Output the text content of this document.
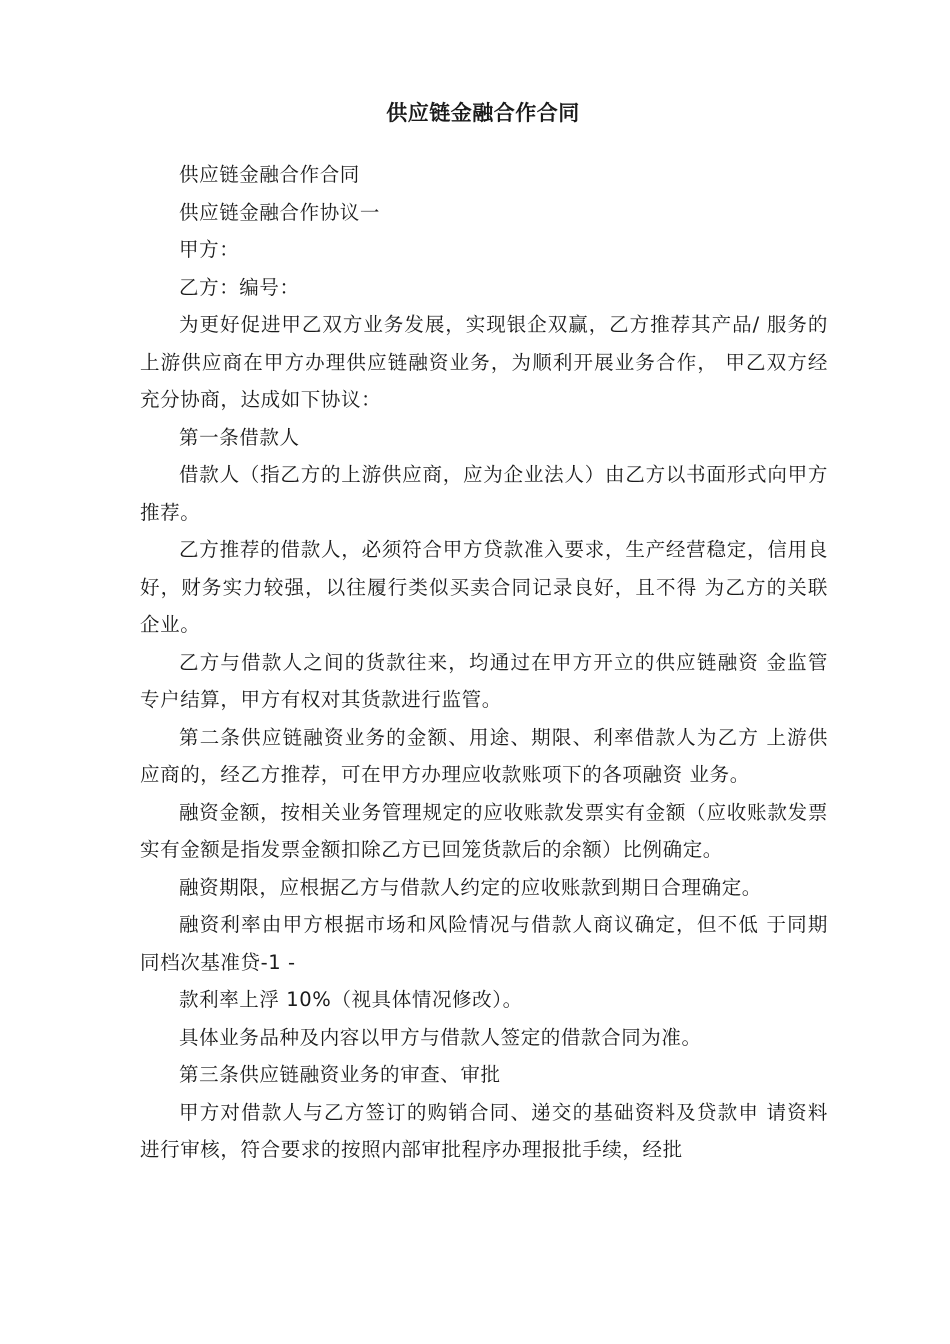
供应链金融合作合同

供应链金融合作合同

供应链金融合作协议一

甲方：

乙方：编号：

为更好促进甲乙双方业务发展，实现银企双赢，乙方推荐其产品/ 服务的上游供应商在甲方办理供应链融资业务，为顺利开展业务合作， 甲乙双方经充分协商，达成如下协议：

第一条借款人

借款人（指乙方的上游供应商，应为企业法人）由乙方以书面形式向甲方推荐。

乙方推荐的借款人，必须符合甲方贷款准入要求，生产经营稳定，信用良好，财务实力较强，以往履行类似买卖合同记录良好，且不得 为乙方的关联企业。

乙方与借款人之间的货款往来，均通过在甲方开立的供应链融资 金监管专户结算，甲方有权对其货款进行监管。

第二条供应链融资业务的金额、用途、期限、利率借款人为乙方 上游供应商的，经乙方推荐，可在甲方办理应收款账项下的各项融资 业务。

融资金额，按相关业务管理规定的应收账款发票实有金额（应收账款发票实有金额是指发票金额扣除乙方已回笼货款后的余额）比例确定。

融资期限，应根据乙方与借款人约定的应收账款到期日合理确定。

融资利率由甲方根据市场和风险情况与借款人商议确定，但不低 于同期同档次基准贷-1 -

款利率上浮 10%（视具体情况修改）。

具体业务品种及内容以甲方与借款人签定的借款合同为准。

第三条供应链融资业务的审查、审批

甲方对借款人与乙方签订的购销合同、递交的基础资料及贷款申 请资料进行审核，符合要求的按照内部审批程序办理报批手续，经批
